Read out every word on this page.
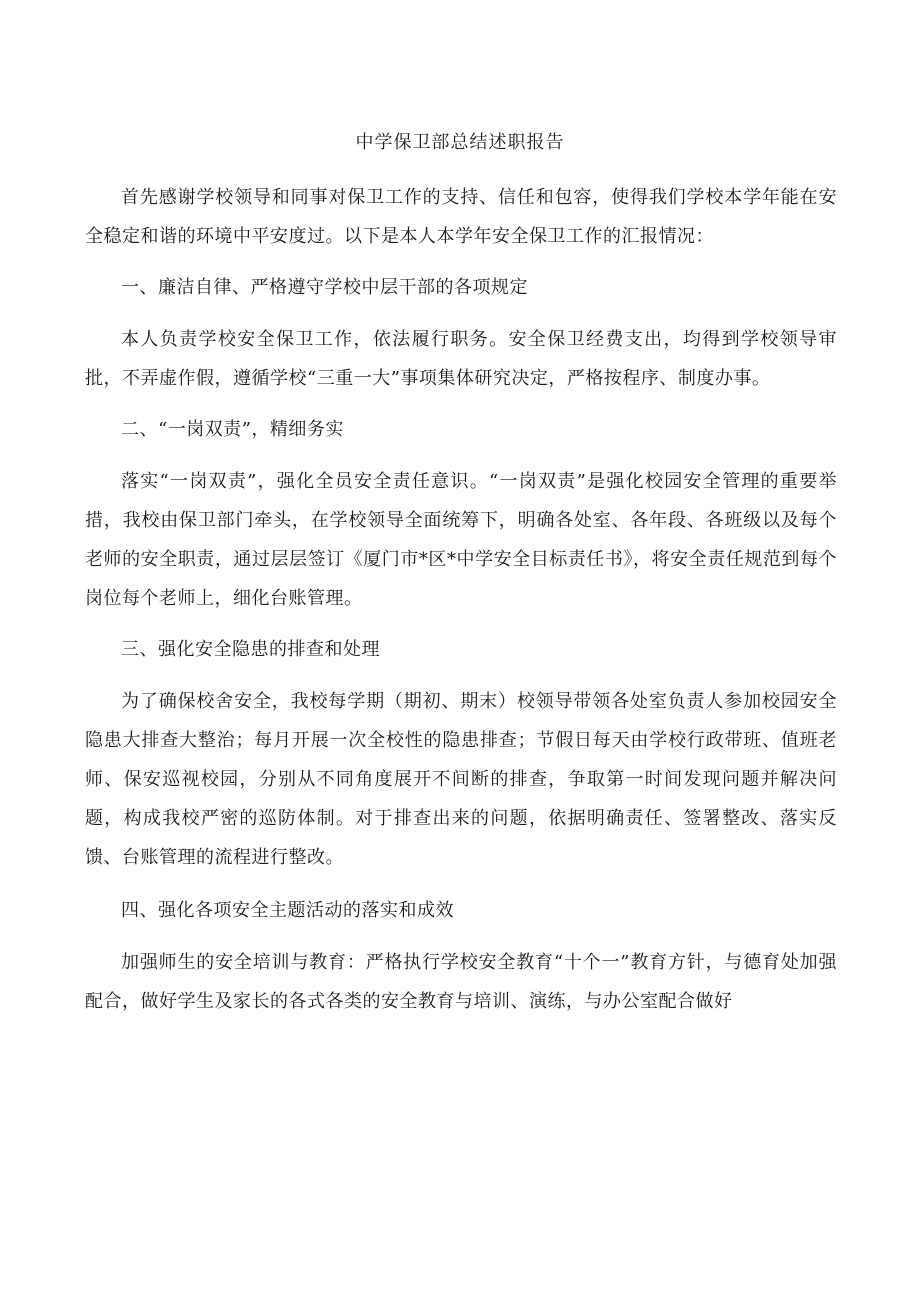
中学保卫部总结述职报告

首先感谢学校领导和同事对保卫工作的支持、信任和包容，使得我们学校本学年能在安全稳定和谐的环境中平安度过。以下是本人本学年安全保卫工作的汇报情况：

一、廉洁自律、严格遵守学校中层干部的各项规定

本人负责学校安全保卫工作，依法履行职务。安全保卫经费支出，均得到学校领导审批，不弄虚作假，遵循学校“三重一大”事项集体研究决定，严格按程序、制度办事。

二、“一岗双责”，精细务实

落实“一岗双责”，强化全员安全责任意识。“一岗双责”是强化校园安全管理的重要举措，我校由保卫部门牵头，在学校领导全面统筹下，明确各处室、各年段、各班级以及每个老师的安全职责，通过层层签订《厦门市*区*中学安全目标责任书》，将安全责任规范到每个岗位每个老师上，细化台账管理。

三、强化安全隐患的排查和处理

为了确保校舍安全，我校每学期（期初、期末）校领导带领各处室负责人参加校园安全隐患大排查大整治；每月开展一次全校性的隐患排查；节假日每天由学校行政带班、值班老师、保安巡视校园，分别从不同角度展开不间断的排查，争取第一时间发现问题并解决问题，构成我校严密的巡防体制。对于排查出来的问题，依据明确责任、签署整改、落实反馈、台账管理的流程进行整改。

四、强化各项安全主题活动的落实和成效

加强师生的安全培训与教育：严格执行学校安全教育“十个一”教育方针，与德育处加强配合，做好学生及家长的各式各类的安全教育与培训、演练，与办公室配合做好
